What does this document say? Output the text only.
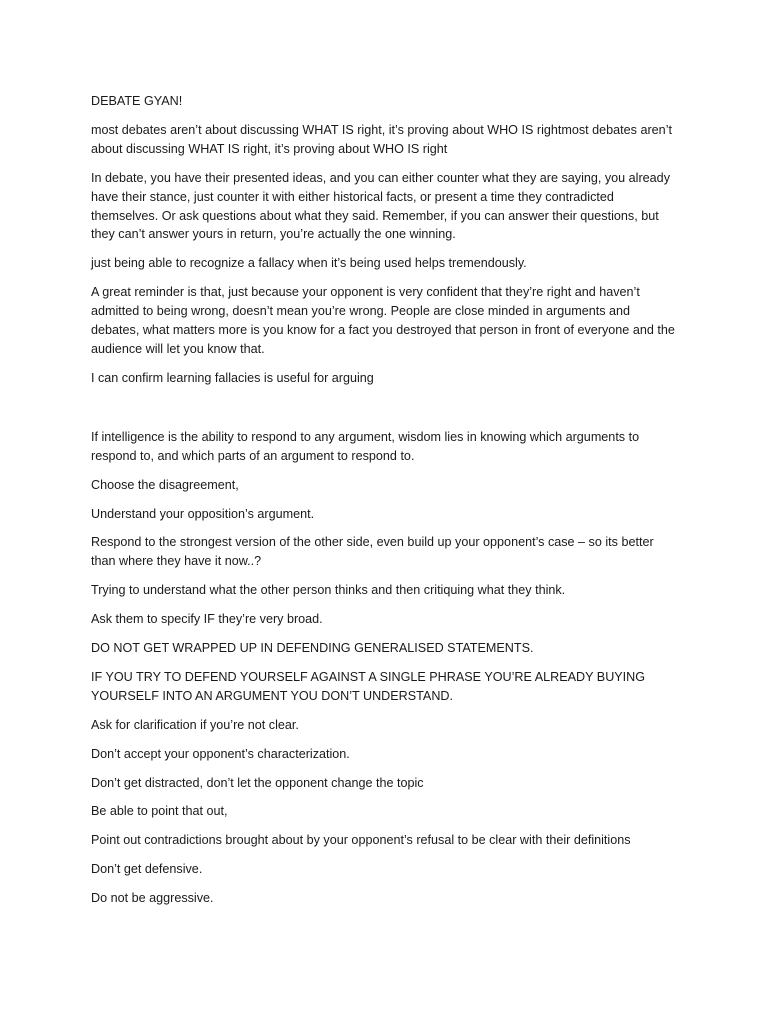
DEBATE GYAN!

most debates aren’t about discussing WHAT IS right, it’s proving about WHO IS rightmost debates aren’t about discussing WHAT IS right, it’s proving about WHO IS right

In debate, you have their presented ideas, and you can either counter what they are saying, you already have their stance, just counter it with either historical facts, or present a time they contradicted themselves. Or ask questions about what they said. Remember, if you can answer their questions, but they can’t answer yours in return, you’re actually the one winning.

just being able to recognize a fallacy when it’s being used helps tremendously.

A great reminder is that, just because your opponent is very confident that they’re right and haven’t admitted to being wrong, doesn’t mean you’re wrong. People are close minded in arguments and debates, what matters more is you know for a fact you destroyed that person in front of everyone and the audience will let you know that.

I can confirm learning fallacies is useful for arguing

If intelligence is the ability to respond to any argument, wisdom lies in knowing which arguments to respond to, and which parts of an argument to respond to.

Choose the disagreement,

Understand your opposition’s argument.

Respond to the strongest version of the other side, even build up your opponent’s case – so its better than where they have it now..?

Trying to understand what the other person thinks and then critiquing what they think.

Ask them to specify IF they’re very broad.

DO NOT GET WRAPPED UP IN DEFENDING GENERALISED STATEMENTS.

IF YOU TRY TO DEFEND YOURSELF AGAINST A SINGLE PHRASE YOU’RE ALREADY BUYING YOURSELF INTO AN ARGUMENT YOU DON’T UNDERSTAND.

Ask for clarification if you’re not clear.

Don’t accept your opponent’s characterization.

Don’t get distracted, don’t let the opponent change the topic

Be able to point that out,

Point out contradictions brought about by your opponent’s refusal to be clear with their definitions

Don’t get defensive.

Do not be aggressive.
